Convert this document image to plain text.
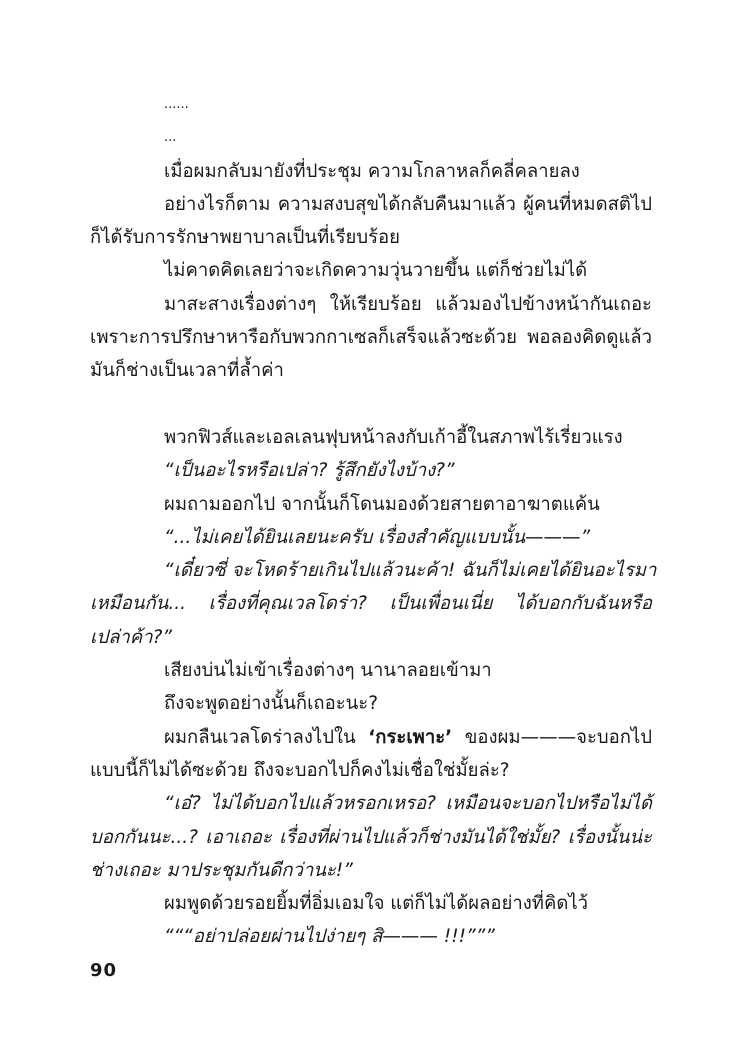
......
...
เมื่อผมกลับมายังที่ประชุม ความโกลาหลก็คลี่คลายลง
อย่างไรก็ตาม ความสงบสุขได้กลับคืนมาแล้ว ผู้คนที่หมดสติไป
ก็ได้รับการรักษาพยาบาลเป็นที่เรียบร้อย
ไม่คาดคิดเลยว่าจะเกิดความวุ่นวายขึ้น แต่ก็ช่วยไม่ได้
มาสะสางเรื่องต่างๆ ให้เรียบร้อย แล้วมองไปข้างหน้ากันเถอะ
เพราะการปรึกษาหารือกับพวกกาเซลก็เสร็จแล้วซะด้วย พอลองคิดดูแล้ว
มันก็ช่างเป็นเวลาที่ล้ำค่า
พวกฟิวส์และเอลเลนฟุบหน้าลงกับเก้าอี้ในสภาพไร้เรี่ยวแรง
“เป็นอะไรหรือเปล่า? รู้สึกยังไงบ้าง?”
ผมถามออกไป จากนั้นก็โดนมองด้วยสายตาอาฆาตแค้น
“...ไม่เคยได้ยินเลยนะครับ เรื่องสำคัญแบบนั้น———”
“เดี๋ยวซี่ จะโหดร้ายเกินไปแล้วนะค้า! ฉันก็ไม่เคยได้ยินอะไรมา
เหมือนกัน... เรื่องที่คุณเวลโดร่า? เป็นเพื่อนเนี่ย ได้บอกกับฉันหรือ
เปล่าค้า?”
เสียงบ่นไม่เข้าเรื่องต่างๆ นานาลอยเข้ามา
ถึงจะพูดอย่างนั้นก็เถอะนะ?
ผมกลืนเวลโดร่าลงไปใน ‘กระเพาะ’ ของผม———จะบอกไป
แบบนี้ก็ไม่ได้ซะด้วย ถึงจะบอกไปก็คงไม่เชื่อใช่มั้ยล่ะ?
“เอ๋? ไม่ได้บอกไปแล้วหรอกเหรอ? เหมือนจะบอกไปหรือไม่ได้
บอกกันนะ...? เอาเถอะ เรื่องที่ผ่านไปแล้วก็ช่างมันได้ใช่มั้ย? เรื่องนั้นน่ะ
ช่างเถอะ มาประชุมกันดีกว่านะ!”
ผมพูดด้วยรอยยิ้มที่อิ่มเอมใจ แต่ก็ไม่ได้ผลอย่างที่คิดไว้
“““อย่าปล่อยผ่านไปง่ายๆ สิ——— !!!”””
90
